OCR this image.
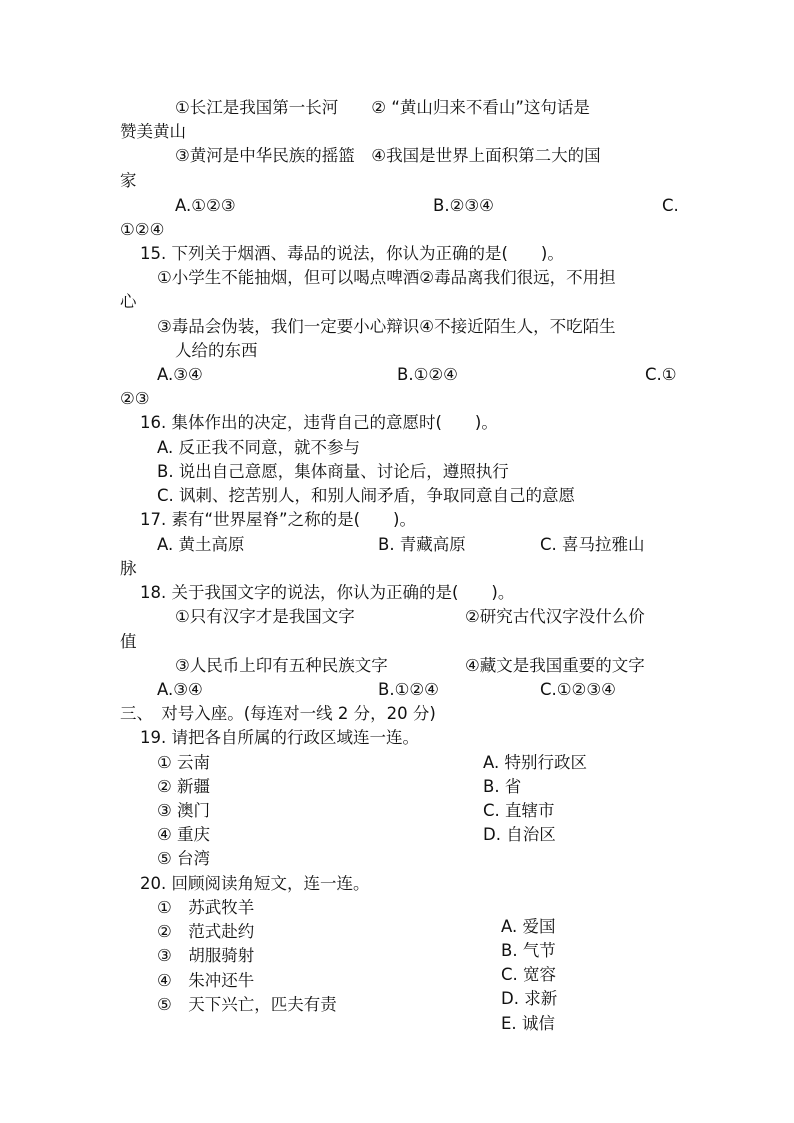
①长江是我国第一长河　　② “黄山归来不看山”这句话是
赞美黄山
③黄河是中华民族的摇篮　④我国是世界上面积第二大的国
家
A.①②③	B.②③④	C.
①②④
15. 下列关于烟酒、毒品的说法，你认为正确的是(　　)。
①小学生不能抽烟，但可以喝点啤酒②毒品离我们很远，不用担
心
③毒品会伪装，我们一定要小心辩识④不接近陌生人，不吃陌生
人给的东西
A.③④	B.①②④	C.①
②③
16. 集体作出的决定，违背自己的意愿时(　　)。
A. 反正我不同意，就不参与
B. 说出自己意愿，集体商量、讨论后，遵照执行
C. 讽刺、挖苦别人，和别人闹矛盾，争取同意自己的意愿
17. 素有“世界屋脊”之称的是(　　)。
A. 黄土高原	B. 青藏高原	C. 喜马拉雅山
脉
18. 关于我国文字的说法，你认为正确的是(　　)。
①只有汉字才是我国文字	②研究古代汉字没什么价
值
③人民币上印有五种民族文字	④藏文是我国重要的文字
A.③④	B.①②④	C.①②③④
三、　对号入座。(每连对一线 2 分，20 分)
19. 请把各自所属的行政区域连一连。
① 云南
② 新疆
③ 澳门
④ 重庆
⑤ 台湾
A. 特别行政区
B. 省
C. 直辖市
D. 自治区
20. 回顾阅读角短文，连一连。
①　苏武牧羊
②　范式赴约
③　胡服骑射
④　朱冲还牛
⑤　天下兴亡，匹夫有责
A. 爱国
B. 气节
C. 宽容
D. 求新
E. 诚信
